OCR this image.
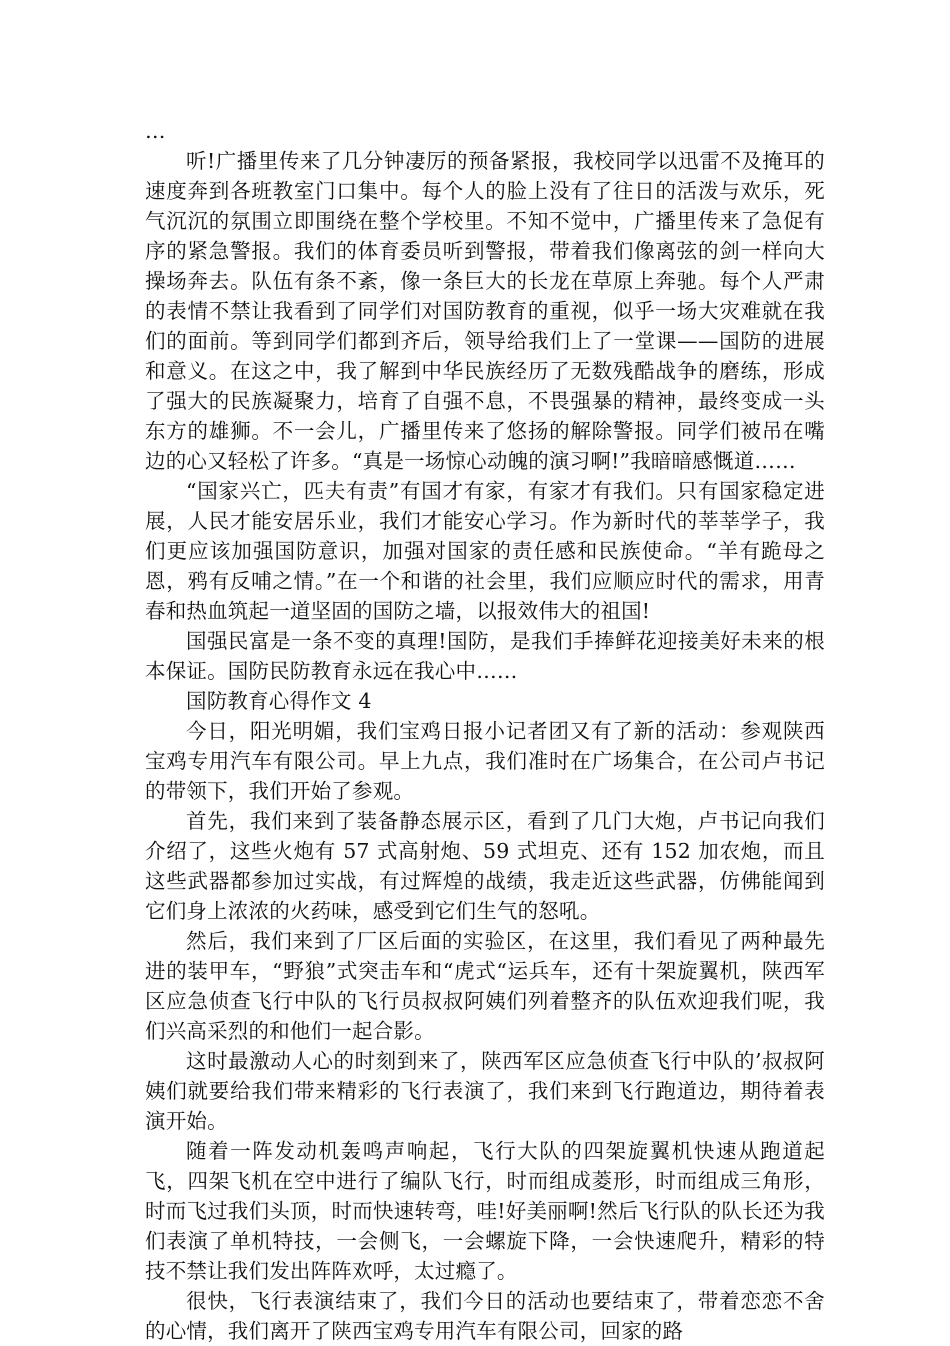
…

听!广播里传来了几分钟凄厉的预备紧报，我校同学以迅雷不及掩耳的速度奔到各班教室门口集中。每个人的脸上没有了往日的活泼与欢乐，死气沉沉的氛围立即围绕在整个学校里。不知不觉中，广播里传来了急促有序的紧急警报。我们的体育委员听到警报，带着我们像离弦的剑一样向大操场奔去。队伍有条不紊，像一条巨大的长龙在草原上奔驰。每个人严肃的表情不禁让我看到了同学们对国防教育的重视，似乎一场大灾难就在我们的面前。等到同学们都到齐后，领导给我们上了一堂课——国防的进展和意义。在这之中，我了解到中华民族经历了无数残酷战争的磨练，形成了强大的民族凝聚力，培育了自强不息，不畏强暴的精神，最终变成一头东方的雄狮。不一会儿，广播里传来了悠扬的解除警报。同学们被吊在嘴边的心又轻松了许多。“真是一场惊心动魄的演习啊!”我暗暗感慨道……

“国家兴亡，匹夫有责”有国才有家，有家才有我们。只有国家稳定进展，人民才能安居乐业，我们才能安心学习。作为新时代的莘莘学子，我们更应该加强国防意识，加强对国家的责任感和民族使命。“羊有跪母之恩，鸦有反哺之情。”在一个和谐的社会里，我们应顺应时代的需求，用青春和热血筑起一道坚固的国防之墙，以报效伟大的祖国!

国强民富是一条不变的真理!国防，是我们手捧鲜花迎接美好未来的根本保证。国防民防教育永远在我心中……

国防教育心得作文 4

今日，阳光明媚，我们宝鸡日报小记者团又有了新的活动：参观陕西宝鸡专用汽车有限公司。早上九点，我们准时在广场集合，在公司卢书记的带领下，我们开始了参观。

首先，我们来到了装备静态展示区，看到了几门大炮，卢书记向我们介绍了，这些火炮有 57 式高射炮、59 式坦克、还有 152 加农炮，而且这些武器都参加过实战，有过辉煌的战绩，我走近这些武器，仿佛能闻到它们身上浓浓的火药味，感受到它们生气的怒吼。

然后，我们来到了厂区后面的实验区，在这里，我们看见了两种最先进的装甲车，“野狼”式突击车和“虎式“运兵车，还有十架旋翼机，陕西军区应急侦查飞行中队的飞行员叔叔阿姨们列着整齐的队伍欢迎我们呢，我们兴高采烈的和他们一起合影。

这时最激动人心的时刻到来了，陕西军区应急侦查飞行中队的’叔叔阿姨们就要给我们带来精彩的飞行表演了，我们来到飞行跑道边，期待着表演开始。

随着一阵发动机轰鸣声响起，飞行大队的四架旋翼机快速从跑道起飞，四架飞机在空中进行了编队飞行，时而组成菱形，时而组成三角形，时而飞过我们头顶，时而快速转弯，哇!好美丽啊!然后飞行队的队长还为我们表演了单机特技，一会侧飞，一会螺旋下降，一会快速爬升，精彩的特技不禁让我们发出阵阵欢呼，太过瘾了。

很快，飞行表演结束了，我们今日的活动也要结束了，带着恋恋不舍的心情，我们离开了陕西宝鸡专用汽车有限公司，回家的路
